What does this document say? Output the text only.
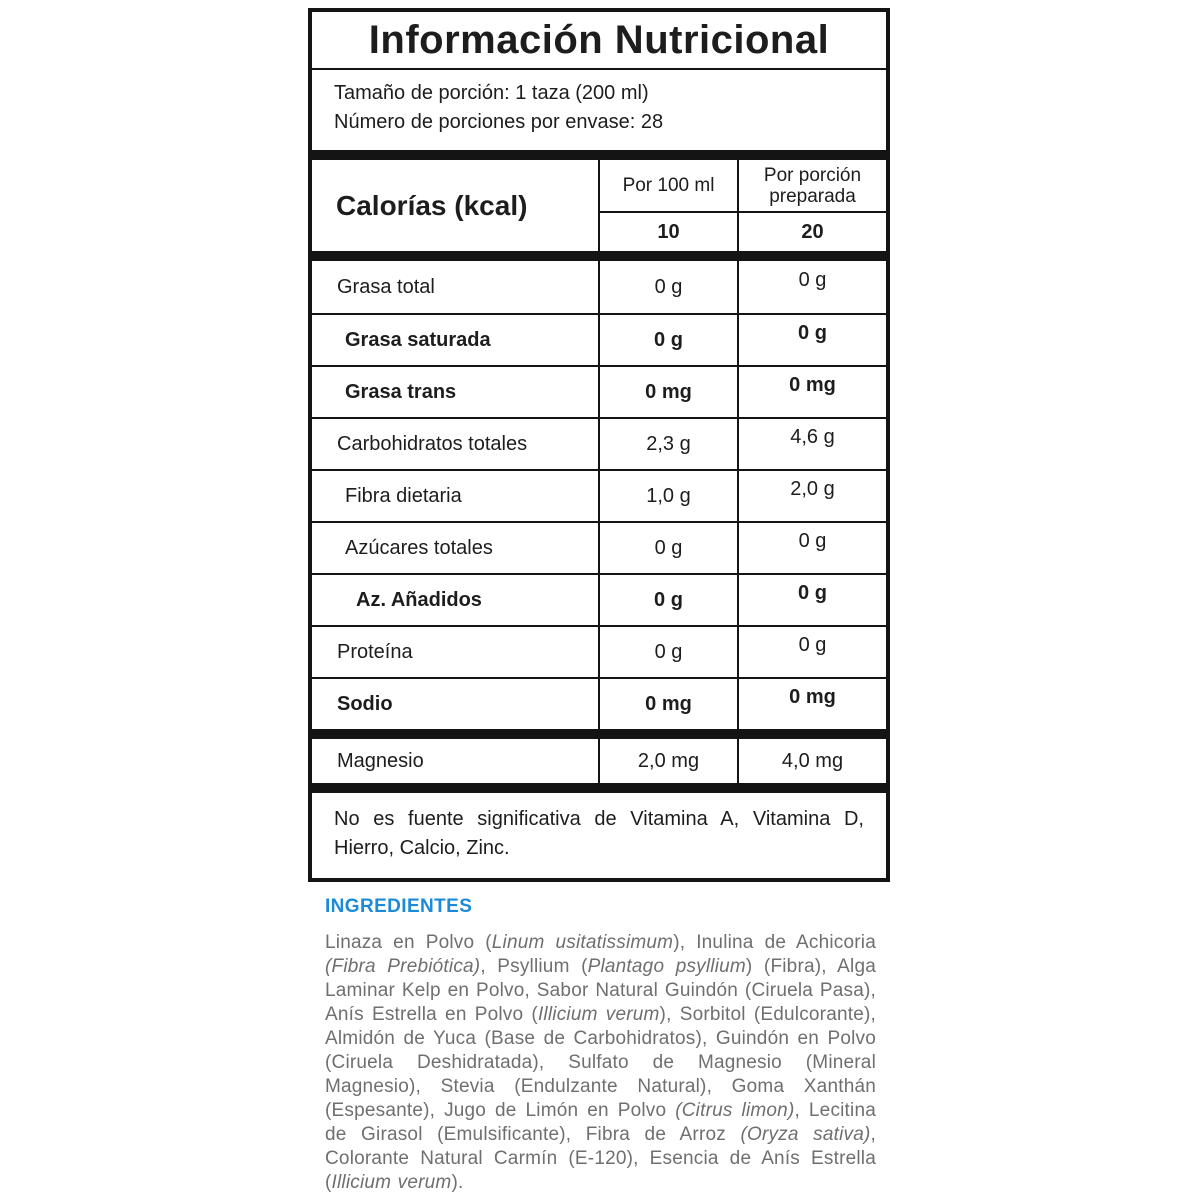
Información Nutricional
Tamaño de porción: 1 taza (200 ml)
Número de porciones por envase: 28
Calorías (kcal)
Por 100 ml	Por porción preparada
10	20
Grasa total	0 g	0 g
Grasa saturada	0 g	0 g
Grasa trans	0 mg	0 mg
Carbohidratos totales	2,3 g	4,6 g
Fibra dietaria	1,0 g	2,0 g
Azúcares totales	0 g	0 g
Az. Añadidos	0 g	0 g
Proteína	0 g	0 g
Sodio	0 mg	0 mg
Magnesio	2,0 mg	4,0 mg
No es fuente significativa de Vitamina A, Vitamina D, Hierro, Calcio, Zinc.
INGREDIENTES

Linaza en Polvo (Linum usitatissimum), Inulina de Achicoria (Fibra Prebiótica), Psyllium (Plantago psyllium) (Fibra), Alga Laminar Kelp en Polvo, Sabor Natural Guindón (Ciruela Pasa), Anís Estrella en Polvo (Illicium verum), Sorbitol (Edulcorante), Almidón de Yuca (Base de Carbohidratos), Guindón en Polvo (Ciruela Deshidratada), Sulfato de Magnesio (Mineral Magnesio), Stevia (Endulzante Natural), Goma Xanthán (Espesante), Jugo de Limón en Polvo (Citrus limon), Lecitina de Girasol (Emulsificante), Fibra de Arroz (Oryza sativa), Colorante Natural Carmín (E-120), Esencia de Anís Estrella (Illicium verum).
